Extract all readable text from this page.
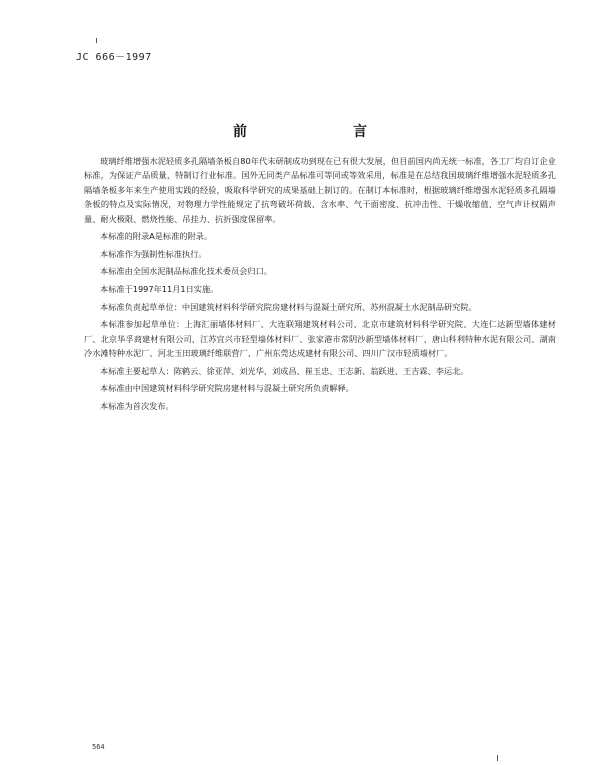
JC 666－1997
前　言

玻璃纤维增强水泥轻质多孔隔墙条板自80年代末研制成功到现在已有很大发展，但目前国内尚无统一标准，各工厂均自订企业标准，为保证产品质量，特制订行业标准。国外无同类产品标准可等同或等效采用，标准是在总结我国玻璃纤维增强水泥轻质多孔隔墙条板多年来生产使用实践的经验，吸取科学研究的成果基础上制订的。在制订本标准时，根据玻璃纤维增强水泥轻质多孔隔墙条板的特点及实际情况，对物理力学性能规定了抗弯破坏荷载、含水率、气干面密度、抗冲击性、干燥收缩值、空气声计权隔声量、耐火极限、燃烧性能、吊挂力、抗折强度保留率。

本标准的附录A是标准的附录。

本标准作为强制性标准执行。

本标准由全国水泥制品标准化技术委员会归口。

本标准于1997年11月1日实施。

本标准负责起草单位：中国建筑材料科学研究院房建材料与混凝土研究所、苏州混凝土水泥制品研究院。

本标准参加起草单位：上海汇丽墙体材料厂、大连联翔建筑材料公司、北京市建筑材料科学研究院、大连仁达新型墙体建材厂、北京华孚商建材有限公司、江苏宜兴市轻型墙体材料厂、张家港市常阴沙新型墙体材料厂、唐山科利特种水泥有限公司、湖南冷水滩特种水泥厂、河北玉田玻璃纤维联营厂、广州东莞达成建材有限公司、四川广汉市轻质墙材厂。

本标准主要起草人：陈鹤云、徐亚萍、刘光华、刘成昌、崔玉忠、王志新、翁跃进、王吉霖、李运北。

本标准由中国建筑材料科学研究院房建材料与混凝土研究所负责解释。

本标准为首次发布。

564
